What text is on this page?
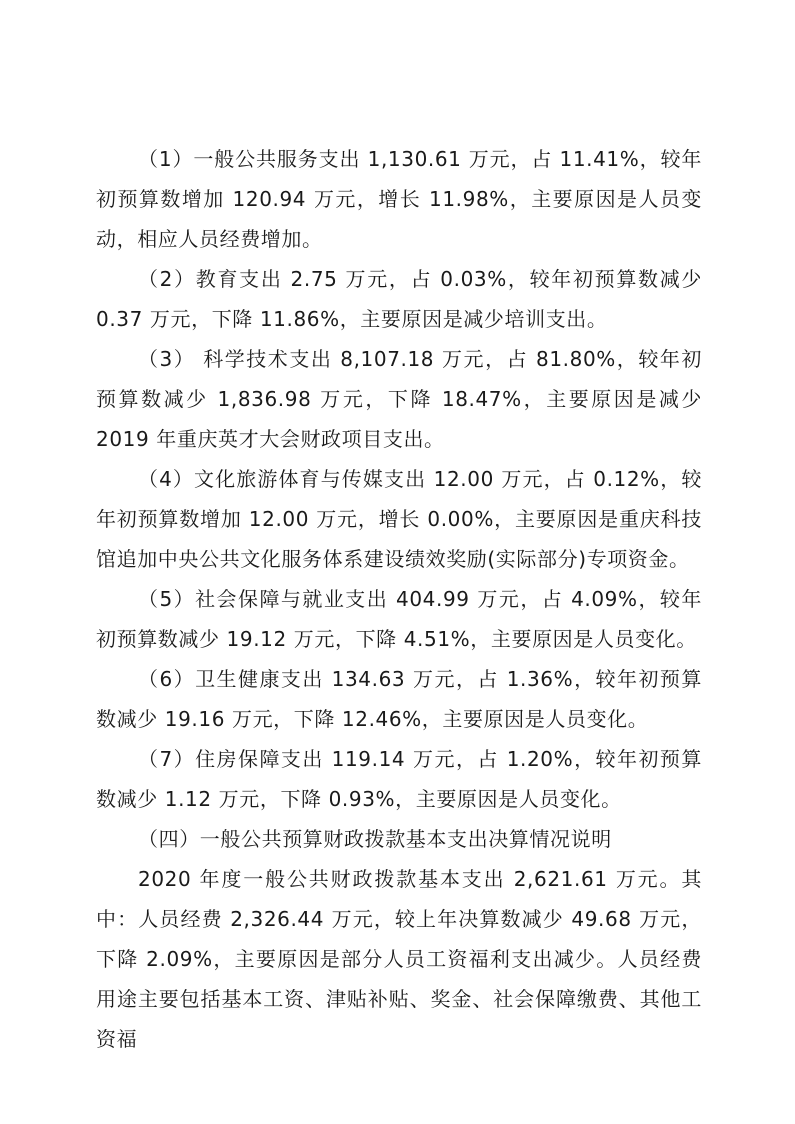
（1）一般公共服务支出 1,130.61 万元，占 11.41%，较年初预算数增加 120.94 万元，增长 11.98%，主要原因是人员变动，相应人员经费增加。

（2）教育支出 2.75 万元，占 0.03%，较年初预算数减少 0.37 万元，下降 11.86%，主要原因是减少培训支出。

（3） 科学技术支出 8,107.18 万元，占 81.80%，较年初预算数减少 1,836.98 万元，下降 18.47%，主要原因是减少 2019 年重庆英才大会财政项目支出。

（4）文化旅游体育与传媒支出 12.00 万元，占 0.12%，较年初预算数增加 12.00 万元，增长 0.00%，主要原因是重庆科技馆追加中央公共文化服务体系建设绩效奖励(实际部分)专项资金。

（5）社会保障与就业支出 404.99 万元，占 4.09%，较年初预算数减少 19.12 万元，下降 4.51%，主要原因是人员变化。

（6）卫生健康支出 134.63 万元，占 1.36%，较年初预算数减少 19.16 万元，下降 12.46%，主要原因是人员变化。

（7）住房保障支出 119.14 万元，占 1.20%，较年初预算数减少 1.12 万元，下降 0.93%，主要原因是人员变化。

（四）一般公共预算财政拨款基本支出决算情况说明

2020 年度一般公共财政拨款基本支出 2,621.61 万元。其中：人员经费 2,326.44 万元，较上年决算数减少 49.68 万元，下降 2.09%，主要原因是部分人员工资福利支出减少。人员经费用途主要包括基本工资、津贴补贴、奖金、社会保障缴费、其他工资福
